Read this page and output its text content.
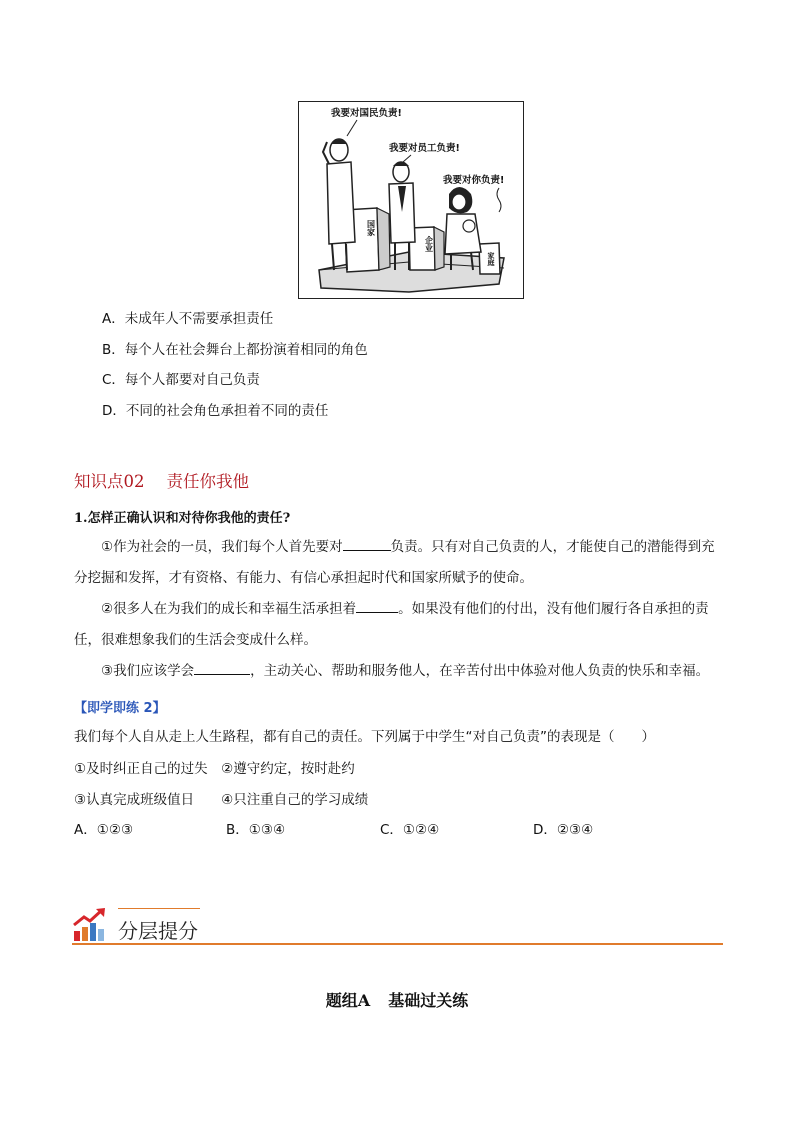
国家
企业
家庭
我要对国民负责!
我要对员工负责!
我要对你负责!
A．未成年人不需要承担责任
B．每个人在社会舞台上都扮演着相同的角色
C．每个人都要对自己负责
D．不同的社会角色承担着不同的责任
知识点02 责任你我他
1.怎样正确认识和对待你我他的责任?

①作为社会的一员，我们每个人首先要对	负责。只有对自己负责的人，才能使自己的潜能得到充分挖掘和发挥，才有资格、有能力、有信心承担起时代和国家所赋予的使命。

②很多人在为我们的成长和幸福生活承担着	。如果没有他们的付出，没有他们履行各自承担的责任，很难想象我们的生活会变成什么样。

③我们应该学会	，主动关心、帮助和服务他人，在辛苦付出中体验对他人负责的快乐和幸福。

【即学即练 2】
我们每个人自从走上人生路程，都有自己的责任。下列属于中学生“对自己负责”的表现是（　　）
①及时纠正自己的过失　②遵守约定，按时赴约
③认真完成班级值日　　④只注重自己的学习成绩
A．①②③	B．①③④	C．①②④	D．②③④
分层提分
题组A 基础过关练
